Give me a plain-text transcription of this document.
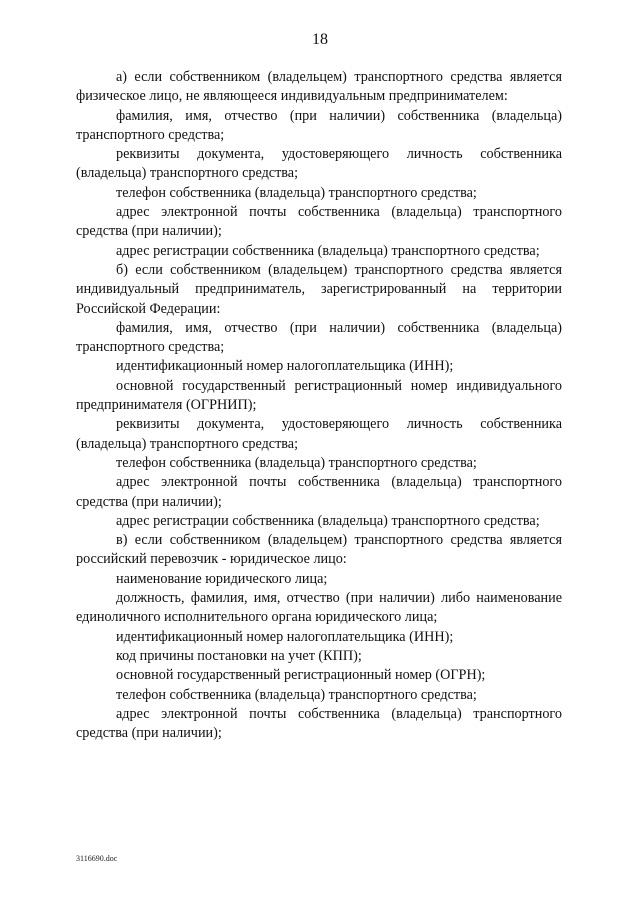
18

а) если собственником (владельцем) транспортного средства является физическое лицо, не являющееся индивидуальным предпринимателем:

фамилия, имя, отчество (при наличии) собственника (владельца) транспортного средства;

реквизиты документа, удостоверяющего личность собственника (владельца) транспортного средства;

телефон собственника (владельца) транспортного средства;

адрес электронной почты собственника (владельца) транспортного средства (при наличии);

адрес регистрации собственника (владельца) транспортного средства;

б) если собственником (владельцем) транспортного средства является индивидуальный предприниматель, зарегистрированный на территории Российской Федерации:

фамилия, имя, отчество (при наличии) собственника (владельца) транспортного средства;

идентификационный номер налогоплательщика (ИНН);

основной государственный регистрационный номер индивидуального предпринимателя (ОГРНИП);

реквизиты документа, удостоверяющего личность собственника (владельца) транспортного средства;

телефон собственника (владельца) транспортного средства;

адрес электронной почты собственника (владельца) транспортного средства (при наличии);

адрес регистрации собственника (владельца) транспортного средства;

в) если собственником (владельцем) транспортного средства является российский перевозчик - юридическое лицо:

наименование юридического лица;

должность, фамилия, имя, отчество (при наличии) либо наименование единоличного исполнительного органа юридического лица;

идентификационный номер налогоплательщика (ИНН);

код причины постановки на учет (КПП);

основной государственный регистрационный номер (ОГРН);

телефон собственника (владельца) транспортного средства;

адрес электронной почты собственника (владельца) транспортного средства (при наличии);

3116690.doc
